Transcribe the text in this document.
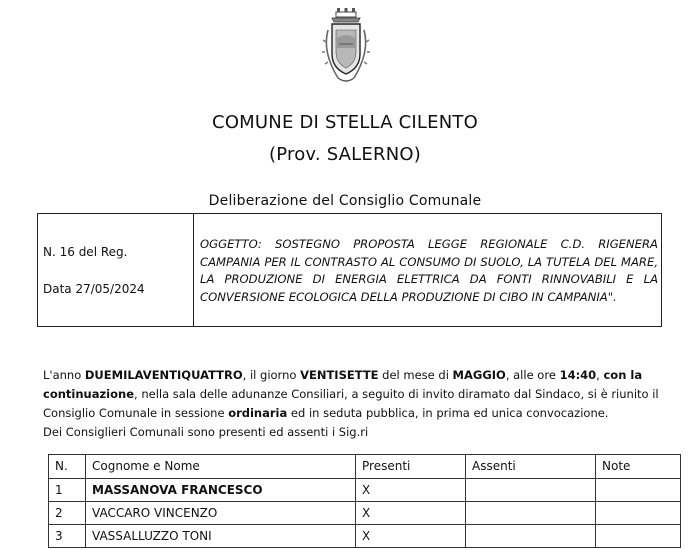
COMUNE DI STELLA CILENTO
(Prov. SALERNO)
Deliberazione del Consiglio Comunale
N. 16 del Reg.
Data 27/05/2024
OGGETTO: SOSTEGNO PROPOSTA LEGGE REGIONALE C.D. RIGENERA CAMPANIA PER IL CONTRASTO AL CONSUMO DI SUOLO, LA TUTELA DEL MARE, LA PRODUZIONE DI ENERGIA ELETTRICA DA FONTI RINNOVABILI E LA CONVERSIONE ECOLOGICA DELLA PRODUZIONE DI CIBO IN CAMPANIA".
L'anno DUEMILAVENTIQUATTRO, il giorno VENTISETTE del mese di MAGGIO, alle ore 14:40, con la continuazione, nella sala delle adunanze Consiliari, a seguito di invito diramato dal Sindaco, si è riunito il Consiglio Comunale in sessione ordinaria ed in seduta pubblica, in prima ed unica convocazione.
Dei Consiglieri Comunali sono presenti ed assenti i Sig.ri
N.	Cognome e Nome	Presenti	Assenti	Note
1	MASSANOVA FRANCESCO	X		
2	VACCARO VINCENZO	X		
3	VASSALLUZZO TONI	X		
